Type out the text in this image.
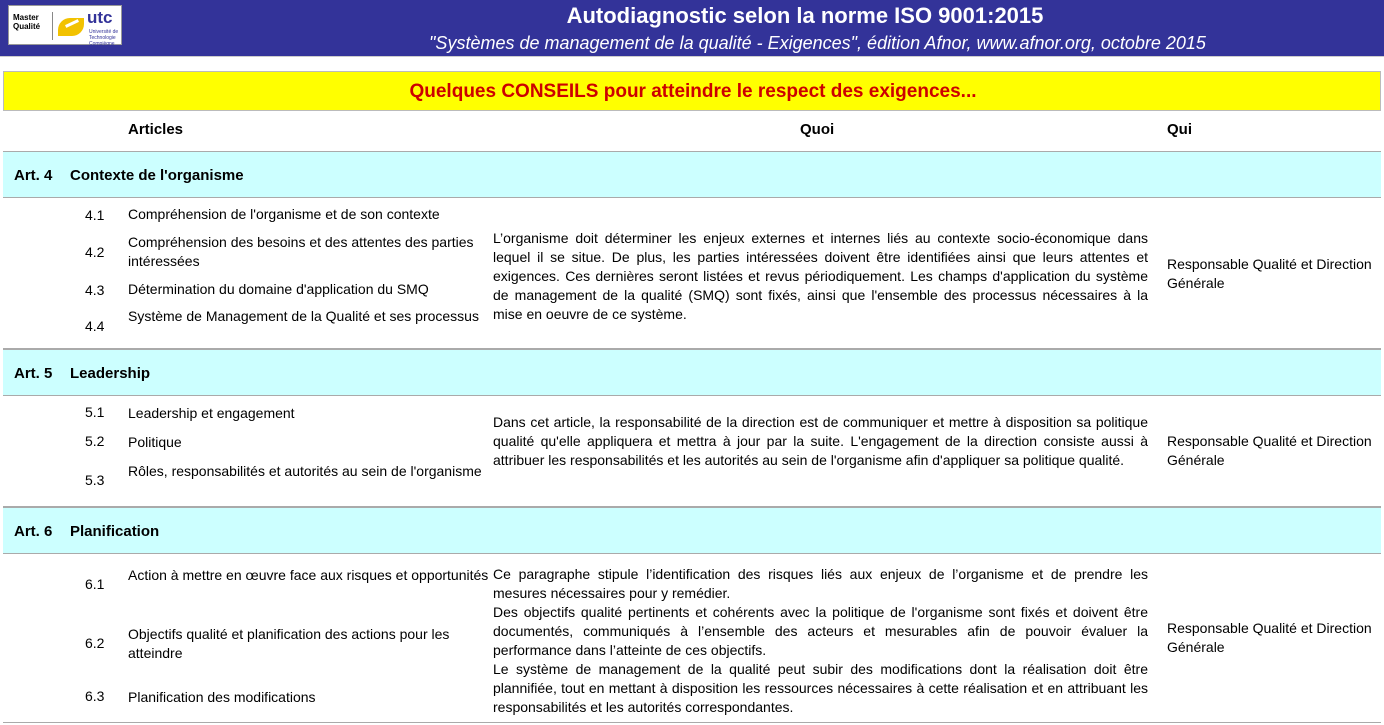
Master Qualité	utc
Université de Technologie Compiègne
Autodiagnostic selon la norme ISO 9001:2015
"Systèmes de management de la qualité - Exigences", édition Afnor, www.afnor.org, octobre 2015
Quelques CONSEILS pour atteindre le respect des exigences...
Articles	Quoi	Qui
Art. 4 Contexte de l'organisme
4.1 Compréhension de l'organisme et de son contexte
4.2
Compréhension des besoins et des attentes des parties intéressées
4.3 Détermination du domaine d'application du SMQ
4.4
Système de Management de la Qualité et ses processus

L’organisme doit déterminer les enjeux externes et internes liés au contexte socio-économique dans lequel il se situe. De plus, les parties intéressées doivent être identifiées ainsi que leurs attentes et exigences. Ces dernières seront listées et revus périodiquement. Les champs d'application du système de management de la qualité (SMQ) sont fixés, ainsi que l'ensemble des processus nécessaires à la mise en oeuvre de ce système.

Responsable Qualité et Direction Générale
Art. 5 Leadership
5.1 Leadership et engagement
5.2 Politique
5.3
Rôles, responsabilités et autorités au sein de l'organisme

Dans cet article, la responsabilité de la direction est de communiquer et mettre à disposition sa politique qualité qu'elle appliquera et mettra à jour par la suite. L'engagement de la direction consiste aussi à attribuer les responsabilités et les autorités au sein de l'organisme afin d'appliquer sa politique qualité.

Responsable Qualité et Direction Générale
Art. 6 Planification
6.1
Action à mettre en œuvre face aux risques et opportunités
6.2
Objectifs qualité et planification des actions pour les atteindre
6.3 Planification des modifications

Ce paragraphe stipule l’identification des risques liés aux enjeux de l’organisme et de prendre les mesures nécessaires pour y remédier.

Des objectifs qualité pertinents et cohérents avec la politique de l'organisme sont fixés et doivent être documentés, communiqués à l’ensemble des acteurs et mesurables afin de pouvoir évaluer la performance dans l’atteinte de ces objectifs.

Le système de management de la qualité peut subir des modifications dont la réalisation doit être plannifiée, tout en mettant à disposition les ressources nécessaires à cette réalisation et en attribuant les responsabilités et les autorités correspondantes.

Responsable Qualité et Direction Générale
